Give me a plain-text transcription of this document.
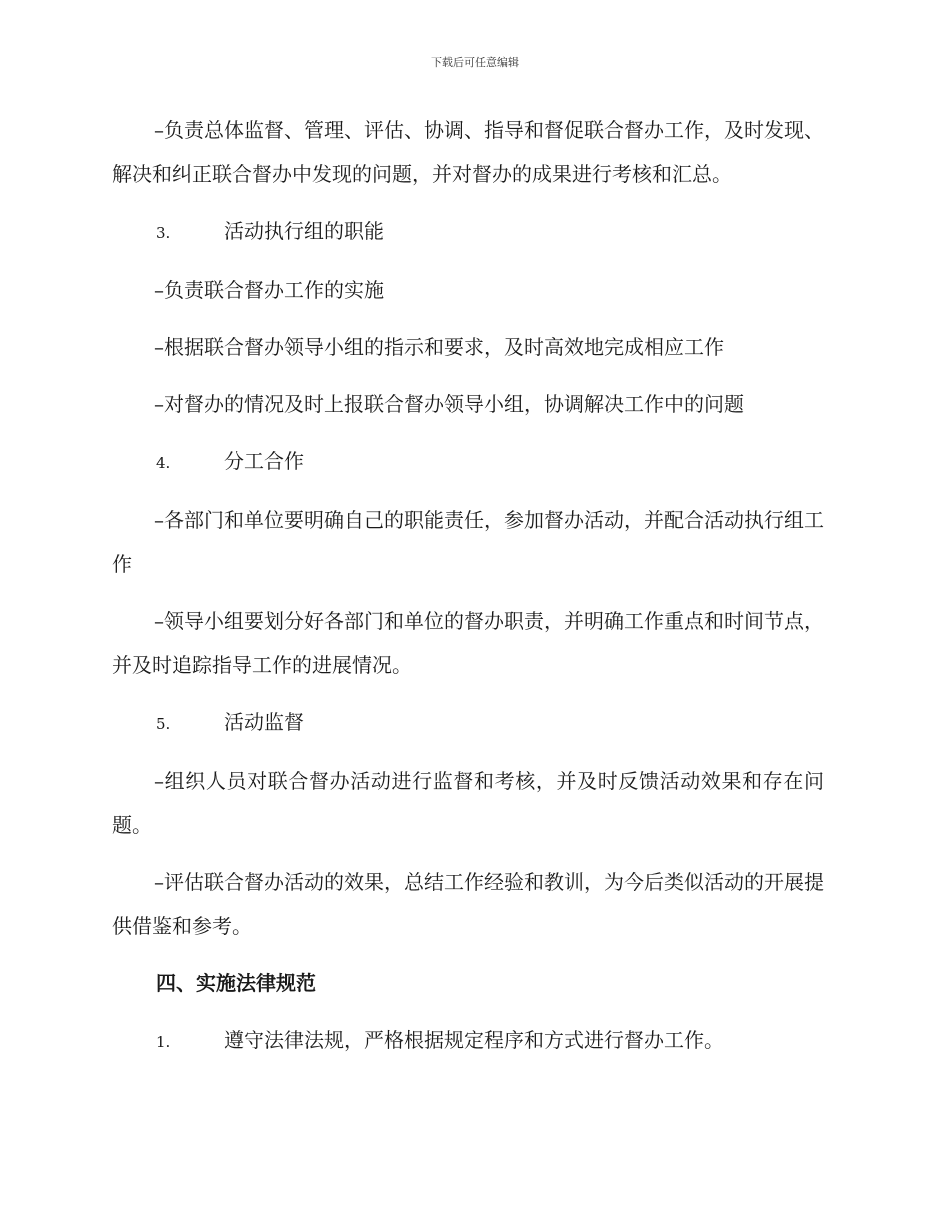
下载后可任意编辑

–负责总体监督、管理、评估、协调、指导和督促联合督办工作，及时发现、解决和纠正联合督办中发现的问题，并对督办的成果进行考核和汇总。

3.	活动执行组的职能

–负责联合督办工作的实施

–根据联合督办领导小组的指示和要求，及时高效地完成相应工作

–对督办的情况及时上报联合督办领导小组，协调解决工作中的问题

4.	分工合作

–各部门和单位要明确自己的职能责任，参加督办活动，并配合活动执行组工作

–领导小组要划分好各部门和单位的督办职责，并明确工作重点和时间节点，并及时追踪指导工作的进展情况。

5.	活动监督

–组织人员对联合督办活动进行监督和考核，并及时反馈活动效果和存在问题。

–评估联合督办活动的效果，总结工作经验和教训，为今后类似活动的开展提供借鉴和参考。

四、实施法律规范
1.	遵守法律法规，严格根据规定程序和方式进行督办工作。
